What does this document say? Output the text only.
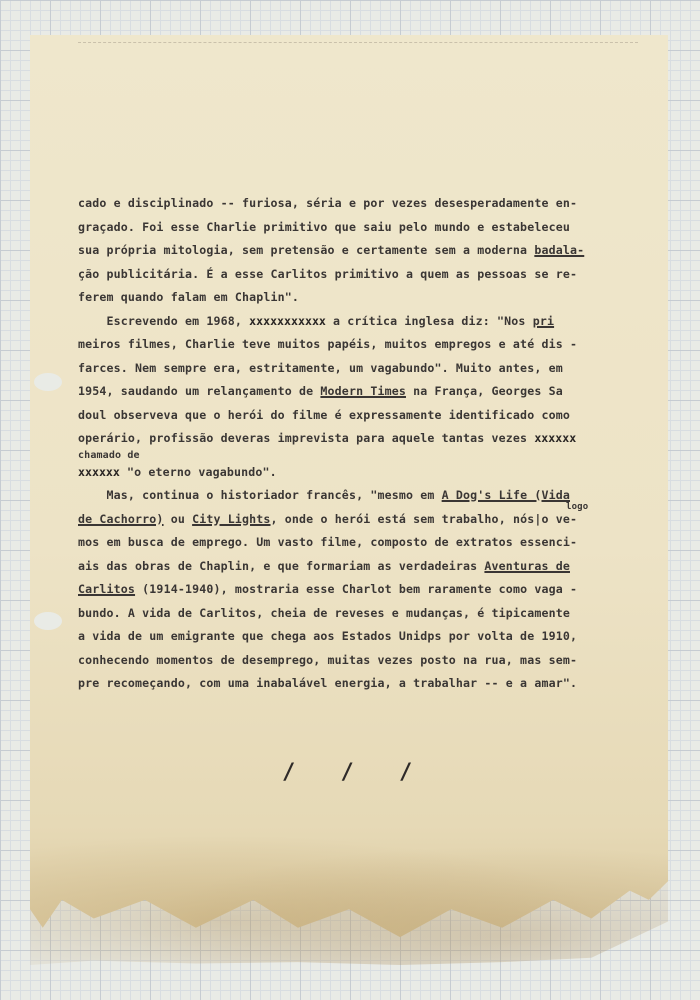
cado e disciplinado -- furiosa, séria e por vezes desesperadamente en-
graçado. Foi esse Charlie primitivo que saiu pelo mundo e estabeleceu
sua própria mitologia, sem pretensão e certamente sem a moderna badala-
ção publicitária. É a esse Carlitos primitivo a quem as pessoas se re-
ferem quando falam em Chaplin".
Escrevendo em 1968, xxxxxxxxxxx a crítica inglesa diz: "Nos pri
meiros filmes, Charlie teve muitos papéis, muitos empregos e até dis -
farces. Nem sempre era, estritamente, um vagabundo". Muito antes, em
1954, saudando um relançamento de Modern Times na França, Georges Sa
doul observeva que o herói do filme é expressamente identificado como
operário, profissão deveras imprevista para aquele tantas vezes xxxxxx
chamado de
xxxxxx "o eterno vagabundo".
Mas, continua o historiador francês, "mesmo em A Dog's Life (Vida
de Cachorro) ou City Lights, onde o herói está sem trabalho, nós|o ve-
logo
mos em busca de emprego. Um vasto filme, composto de extratos essenci-
ais das obras de Chaplin, e que formariam as verdadeiras Aventuras de
Carlitos (1914-1940), mostraria esse Charlot bem raramente como vaga -
bundo. A vida de Carlitos, cheia de reveses e mudanças, é tipicamente
a vida de um emigrante que chega aos Estados Unidps por volta de 1910,
conhecendo momentos de desemprego, muitas vezes posto na rua, mas sem-
pre recomeçando, com uma inabalável energia, a trabalhar -- e a amar".
/ / /
